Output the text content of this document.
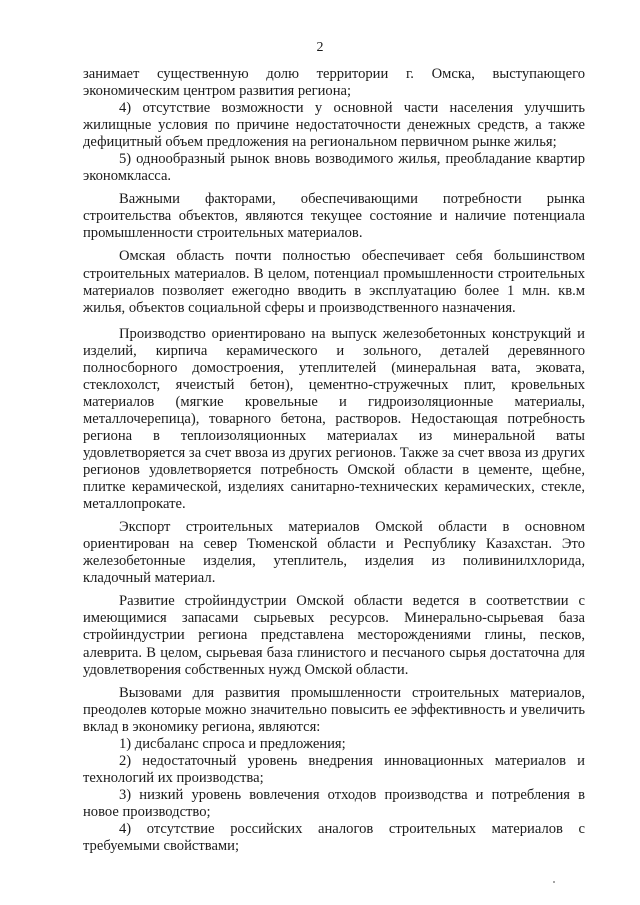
2

занимает существенную долю территории г. Омска, выступающего экономическим центром развития региона;

4) отсутствие возможности у основной части населения улучшить жилищные условия по причине недостаточности денежных средств, а также дефицитный объем предложения на региональном первичном рынке жилья;

5) однообразный рынок вновь возводимого жилья, преобладание квартир экономкласса.

Важными факторами, обеспечивающими потребности рынка строительства объектов, являются текущее состояние и наличие потенциала промышленности строительных материалов.

Омская область почти полностью обеспечивает себя большинством строительных материалов. В целом, потенциал промышленности строительных материалов позволяет ежегодно вводить в эксплуатацию более 1 млн. кв.м жилья, объектов социальной сферы и производственного назначения.

Производство ориентировано на выпуск железобетонных конструкций и изделий, кирпича керамического и зольного, деталей деревянного полносборного домостроения, утеплителей (минеральная вата, эковата, стеклохолст, ячеистый бетон), цементно-стружечных плит, кровельных материалов (мягкие кровельные и гидроизоляционные материалы, металлочерепица), товарного бетона, растворов. Недостающая потребность региона в теплоизоляционных материалах из минеральной ваты удовлетворяется за счет ввоза из других регионов. Также за счет ввоза из других регионов удовлетворяется потребность Омской области в цементе, щебне, плитке керамической, изделиях санитарно-технических керамических, стекле, металлопрокате.

Экспорт строительных материалов Омской области в основном ориентирован на север Тюменской области и Республику Казахстан. Это железобетонные изделия, утеплитель, изделия из поливинилхлорида, кладочный материал.

Развитие стройиндустрии Омской области ведется в соответствии с имеющимися запасами сырьевых ресурсов. Минерально-сырьевая база стройиндустрии региона представлена месторождениями глины, песков, алеврита. В целом, сырьевая база глинистого и песчаного сырья достаточна для удовлетворения собственных нужд Омской области.

Вызовами для развития промышленности строительных материалов, преодолев которые можно значительно повысить ее эффективность и увеличить вклад в экономику региона, являются:

1) дисбаланс спроса и предложения;

2) недостаточный уровень внедрения инновационных материалов и технологий их производства;

3) низкий уровень вовлечения отходов производства и потребления в новое производство;

4) отсутствие российских аналогов строительных материалов с требуемыми свойствами;
